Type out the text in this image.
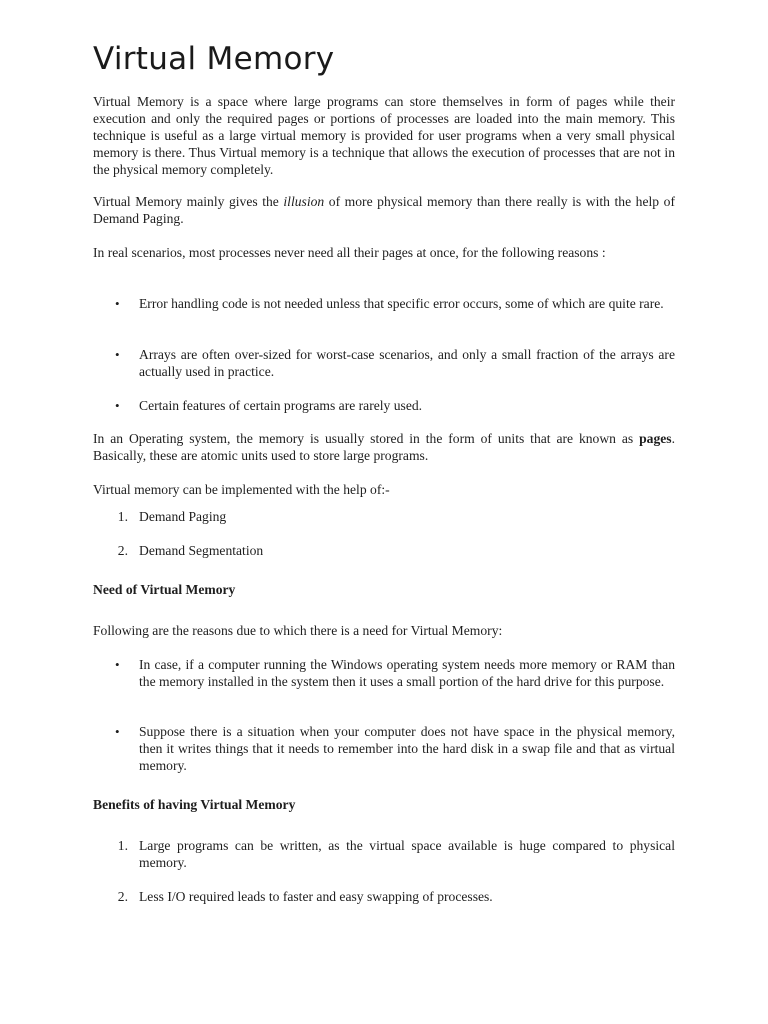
Virtual Memory

Virtual Memory is a space where large programs can store themselves in form of pages while their execution and only the required pages or portions of processes are loaded into the main memory. This technique is useful as a large virtual memory is provided for user programs when a very small physical memory is there. Thus Virtual memory is a technique that allows the execution of processes that are not in the physical memory completely.

Virtual Memory mainly gives the illusion of more physical memory than there really is with the help of Demand Paging.

In real scenarios, most processes never need all their pages at once, for the following reasons :

• Error handling code is not needed unless that specific error occurs, some of which are quite rare.

• Arrays are often over-sized for worst-case scenarios, and only a small fraction of the arrays are actually used in practice.

• Certain features of certain programs are rarely used.

In an Operating system, the memory is usually stored in the form of units that are known as pages. Basically, these are atomic units used to store large programs.

Virtual memory can be implemented with the help of:-

1. Demand Paging

2. Demand Segmentation

Need of Virtual Memory

Following are the reasons due to which there is a need for Virtual Memory:

• In case, if a computer running the Windows operating system needs more memory or RAM than the memory installed in the system then it uses a small portion of the hard drive for this purpose.

• Suppose there is a situation when your computer does not have space in the physical memory, then it writes things that it needs to remember into the hard disk in a swap file and that as virtual memory.

Benefits of having Virtual Memory

1. Large programs can be written, as the virtual space available is huge compared to physical memory.

2. Less I/O required leads to faster and easy swapping of processes.
